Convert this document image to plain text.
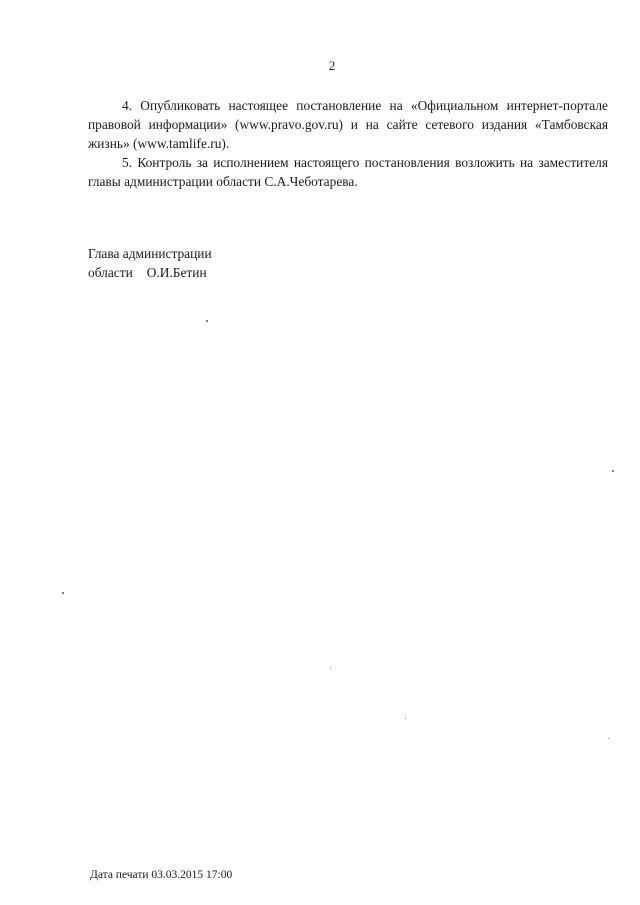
2

4. Опубликовать настоящее постановление на «Официальном интернет-портале правовой информации» (www.pravo.gov.ru) и на сайте сетевого издания «Тамбовская жизнь» (www.tamlife.ru).

5. Контроль за исполнением настоящего постановления возложить на заместителя главы администрации области С.А.Чеботарева.

Глава администрации
области О.И.Бетин
Дата печати 03.03.2015 17:00
